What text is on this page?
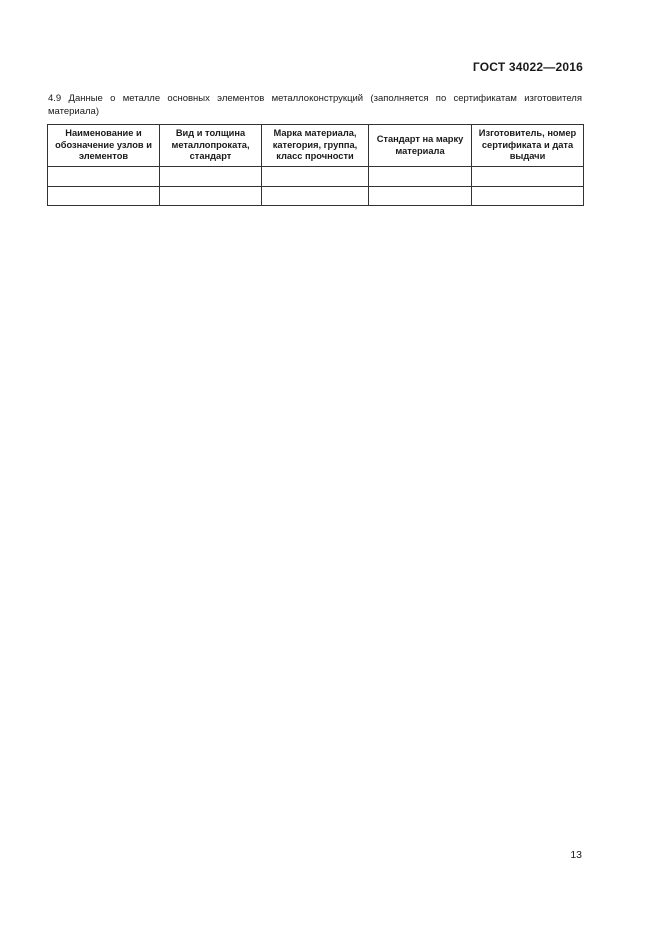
ГОСТ 34022—2016
4.9 Данные о металле основных элементов металлоконструкций (заполняется по сертификатам изготовителя материала)
Наименование и обозначение узлов и элементов	Вид и толщина металлопроката, стандарт	Марка материала, категория, группа, класс прочности	Стандарт на марку материала	Изготовитель, номер сертификата и дата выдачи

13
